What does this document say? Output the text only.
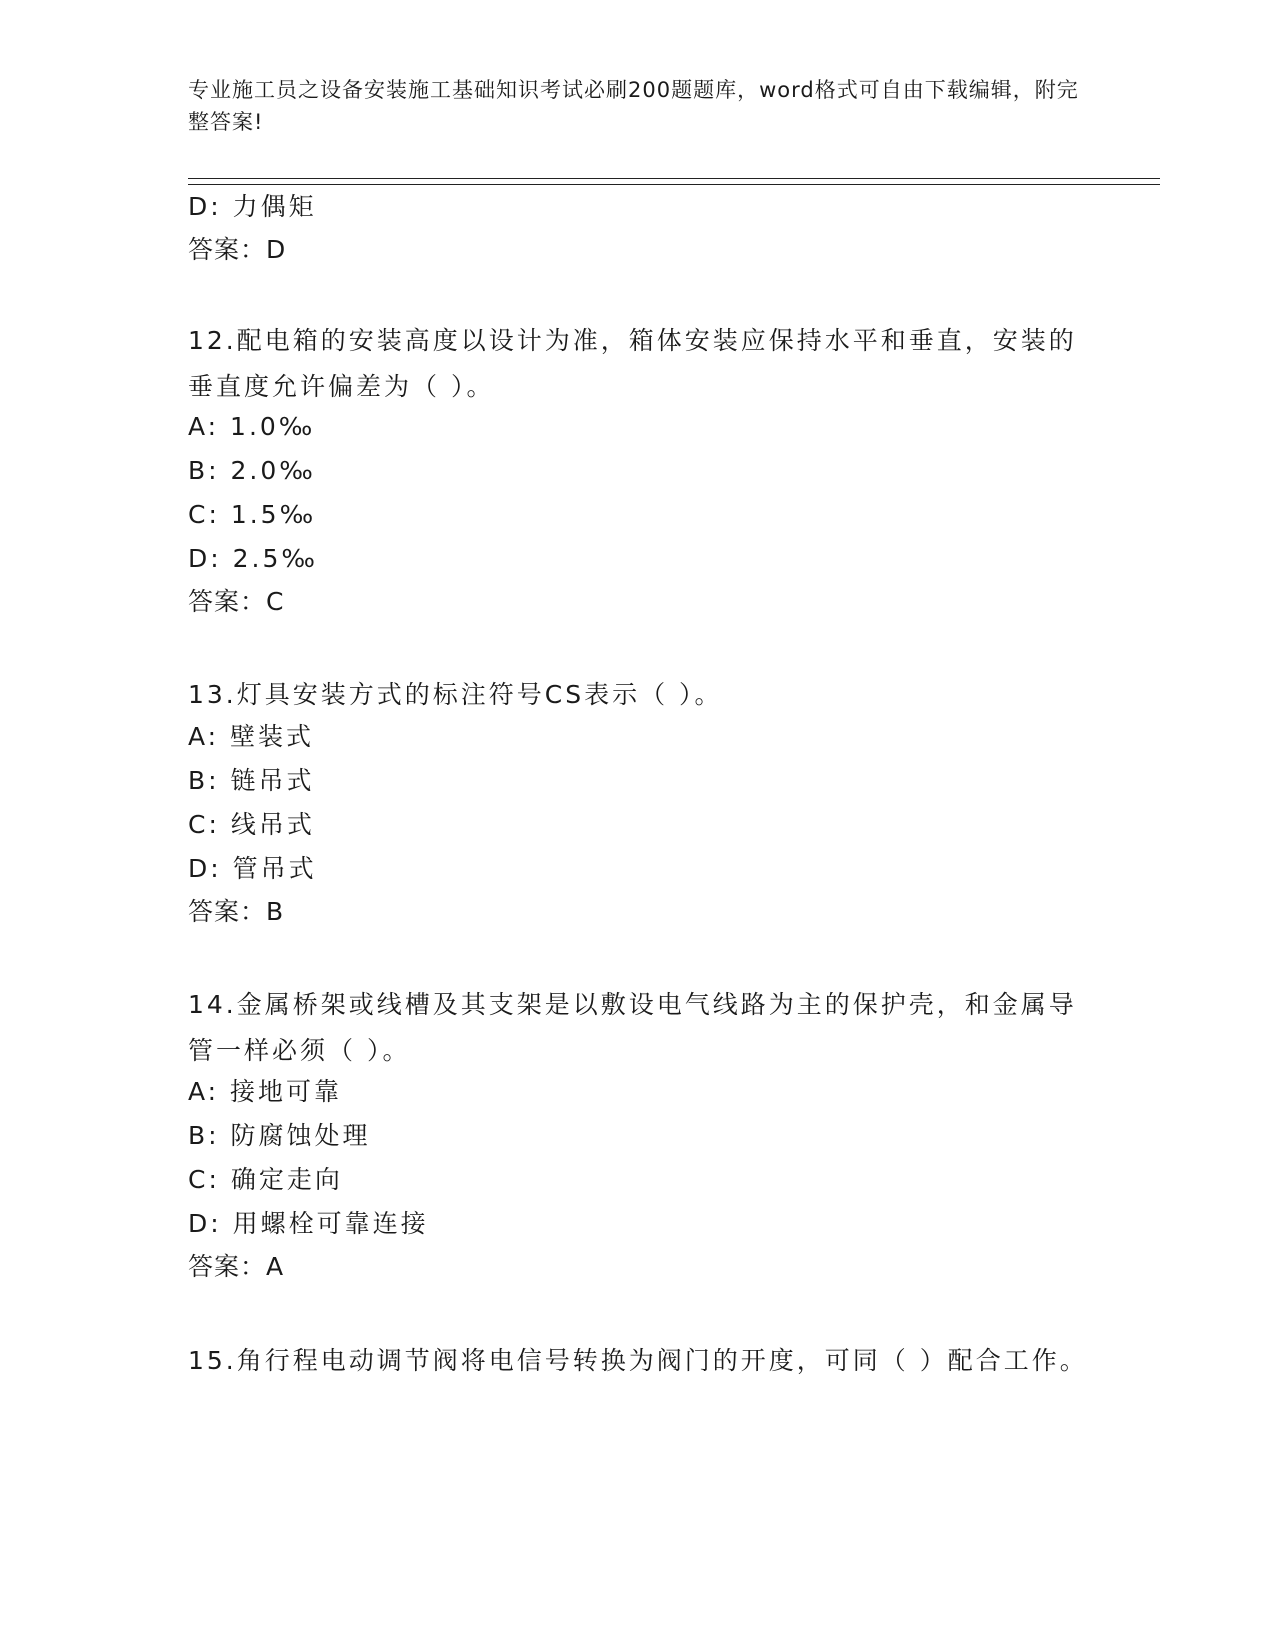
专业施工员之设备安装施工基础知识考试必刷200题题库，word格式可自由下载编辑，附完整答案!
D: 力偶矩
答案：D
12.配电箱的安装高度以设计为准，箱体安装应保持水平和垂直，安装的垂直度允许偏差为（ ）。
A: 1.0‰
B: 2.0‰
C: 1.5‰
D: 2.5‰
答案：C
13.灯具安装方式的标注符号CS表示（ ）。
A: 壁装式
B: 链吊式
C: 线吊式
D: 管吊式
答案：B
14.金属桥架或线槽及其支架是以敷设电气线路为主的保护壳，和金属导管一样必须（ ）。
A: 接地可靠
B: 防腐蚀处理
C: 确定走向
D: 用螺栓可靠连接
答案：A
15.角行程电动调节阀将电信号转换为阀门的开度，可同（ ）配合工作。
